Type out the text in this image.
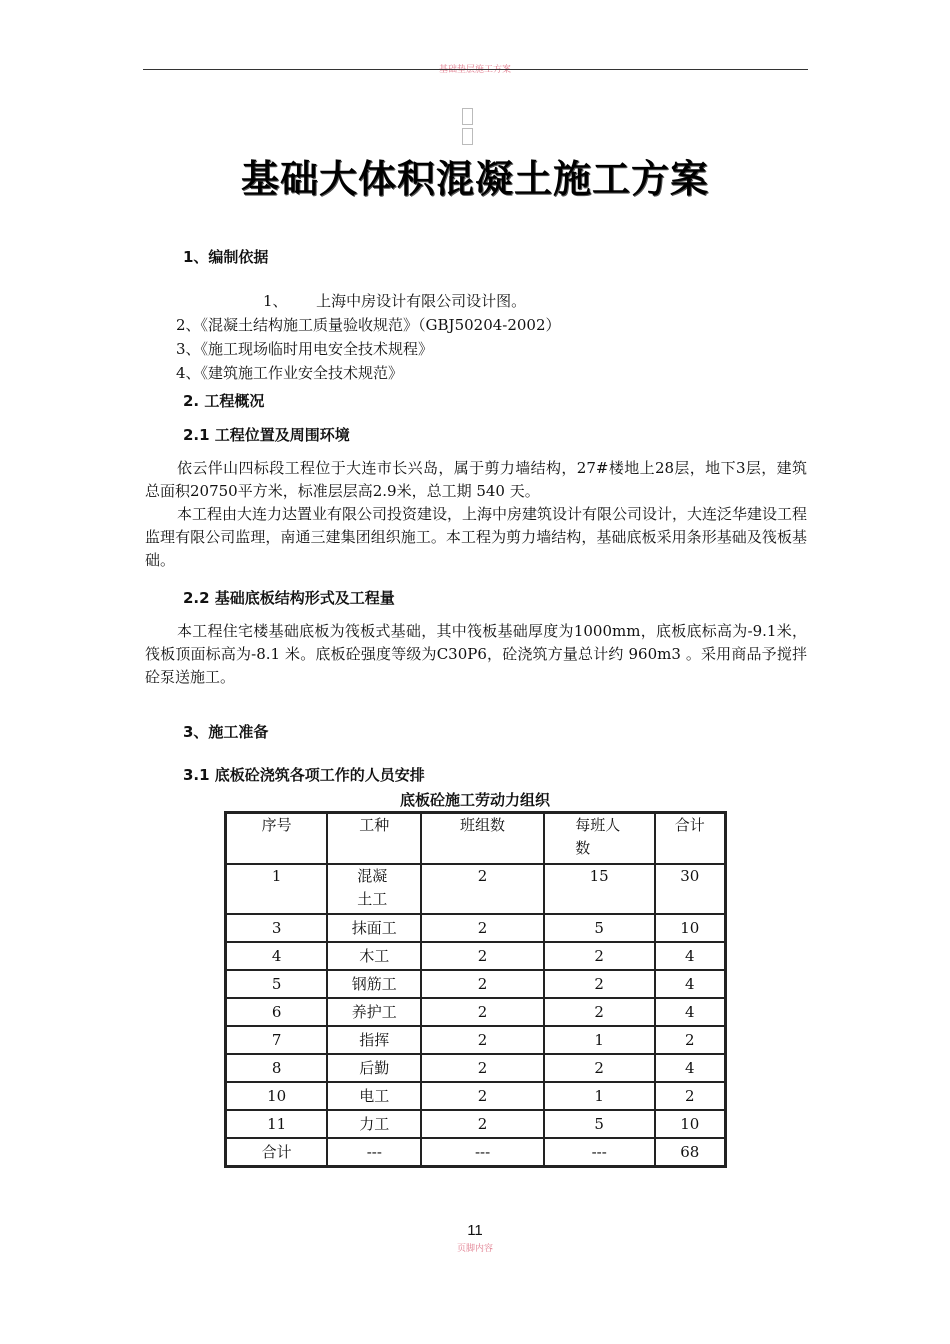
基础垫层施工方案
基础大体积混凝土施工方案
1、编制依据
1、      上海中房设计有限公司设计图。
2、《混凝土结构施工质量验收规范》（GBJ50204-2002）
3、《施工现场临时用电安全技术规程》
4、《建筑施工作业安全技术规范》
2. 工程概况
2.1 工程位置及周围环境
依云伴山四标段工程位于大连市长兴岛，属于剪力墙结构，27#楼地上28层，地下3层，建筑总面积20750平方米，标准层层高2.9米，总工期 540 天。
本工程由大连力达置业有限公司投资建设，上海中房建筑设计有限公司设计，大连泛华建设工程监理有限公司监理，南通三建集团组织施工。本工程为剪力墙结构，基础底板采用条形基础及筏板基础。
2.2 基础底板结构形式及工程量
本工程住宅楼基础底板为筏板式基础，其中筏板基础厚度为1000mm，底板底标高为-9.1米，筏板顶面标高为-8.1 米。底板砼强度等级为C30P6，砼浇筑方量总计约 960m3 。采用商品予搅拌砼泵送施工。
3、施工准备
3.1 底板砼浇筑各项工作的人员安排
底板砼施工劳动力组织
序号	工种	班组数	每班人数	合计

1	混凝土工	2	15	30
3	抹面工	2	5	10
4	木工	2	2	4
5	钢筋工	2	2	4
6	养护工	2	2	4
7	指挥	2	1	2
8	后勤	2	2	4
10	电工	2	1	2
11	力工	2	5	10
合计	---	---	---	68
11
页脚内容
